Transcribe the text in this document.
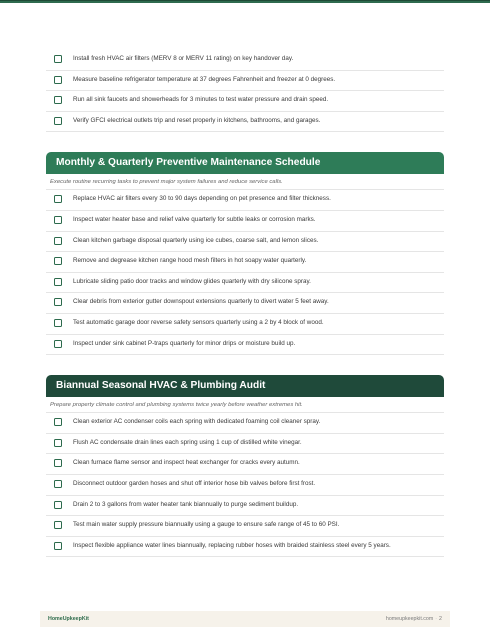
Install fresh HVAC air filters (MERV 8 or MERV 11 rating) on key handover day.
Measure baseline refrigerator temperature at 37 degrees Fahrenheit and freezer at 0 degrees.
Run all sink faucets and showerheads for 3 minutes to test water pressure and drain speed.
Verify GFCI electrical outlets trip and reset properly in kitchens, bathrooms, and garages.
Monthly & Quarterly Preventive Maintenance Schedule
Execute routine recurring tasks to prevent major system failures and reduce service calls.
Replace HVAC air filters every 30 to 90 days depending on pet presence and filter thickness.
Inspect water heater base and relief valve quarterly for subtle leaks or corrosion marks.
Clean kitchen garbage disposal quarterly using ice cubes, coarse salt, and lemon slices.
Remove and degrease kitchen range hood mesh filters in hot soapy water quarterly.
Lubricate sliding patio door tracks and window glides quarterly with dry silicone spray.
Clear debris from exterior gutter downspout extensions quarterly to divert water 5 feet away.
Test automatic garage door reverse safety sensors quarterly using a 2 by 4 block of wood.
Inspect under sink cabinet P-traps quarterly for minor drips or moisture build up.
Biannual Seasonal HVAC & Plumbing Audit
Prepare property climate control and plumbing systems twice yearly before weather extremes hit.
Clean exterior AC condenser coils each spring with dedicated foaming coil cleaner spray.
Flush AC condensate drain lines each spring using 1 cup of distilled white vinegar.
Clean furnace flame sensor and inspect heat exchanger for cracks every autumn.
Disconnect outdoor garden hoses and shut off interior hose bib valves before first frost.
Drain 2 to 3 gallons from water heater tank biannually to purge sediment buildup.
Test main water supply pressure biannually using a gauge to ensure safe range of 45 to 60 PSI.
Inspect flexible appliance water lines biannually, replacing rubber hoses with braided stainless steel every 5 years.
HomeUpkeepKit	homeupkeepkit.com · 2
